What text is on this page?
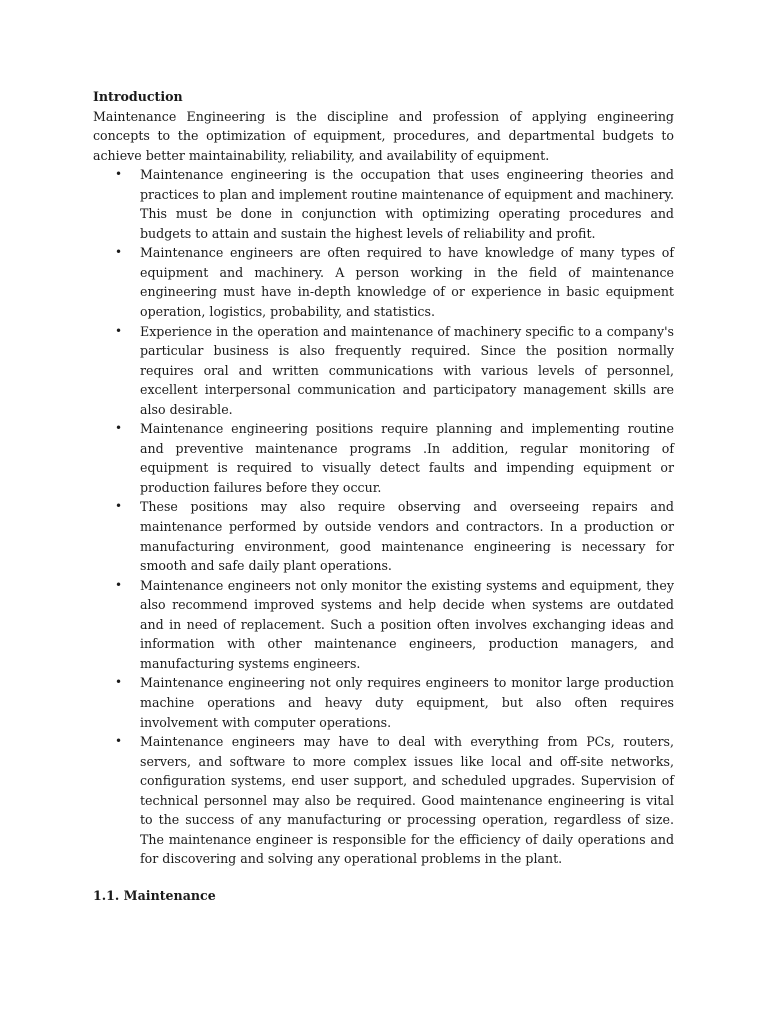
Introduction

Maintenance Engineering is the discipline and profession of applying engineering concepts to the optimization of equipment, procedures, and departmental budgets to achieve better maintainability, reliability, and availability of equipment.

• Maintenance engineering is the occupation that uses engineering theories and practices to plan and implement routine maintenance of equipment and machinery. This must be done in conjunction with optimizing operating procedures and budgets to attain and sustain the highest levels of reliability and profit.
• Maintenance engineers are often required to have knowledge of many types of equipment and machinery. A person working in the field of maintenance engineering must have in-depth knowledge of or experience in basic equipment operation, logistics, probability, and statistics.
• Experience in the operation and maintenance of machinery specific to a company's particular business is also frequently required. Since the position normally requires oral and written communications with various levels of personnel, excellent interpersonal communication and participatory management skills are also desirable.
• Maintenance engineering positions require planning and implementing routine and preventive maintenance programs .In addition, regular monitoring of equipment is required to visually detect faults and impending equipment or production failures before they occur.
• These positions may also require observing and overseeing repairs and maintenance performed by outside vendors and contractors. In a production or manufacturing environment, good maintenance engineering is necessary for smooth and safe daily plant operations.
• Maintenance engineers not only monitor the existing systems and equipment, they also recommend improved systems and help decide when systems are outdated and in need of replacement. Such a position often involves exchanging ideas and information with other maintenance engineers, production managers, and manufacturing systems engineers.
• Maintenance engineering not only requires engineers to monitor large production machine operations and heavy duty equipment, but also often requires involvement with computer operations.
• Maintenance engineers may have to deal with everything from PCs, routers, servers, and software to more complex issues like local and off-site networks, configuration systems, end user support, and scheduled upgrades. Supervision of technical personnel may also be required. Good maintenance engineering is vital to the success of any manufacturing or processing operation, regardless of size. The maintenance engineer is responsible for the efficiency of daily operations and for discovering and solving any operational problems in the plant.

1.1. Maintenance
